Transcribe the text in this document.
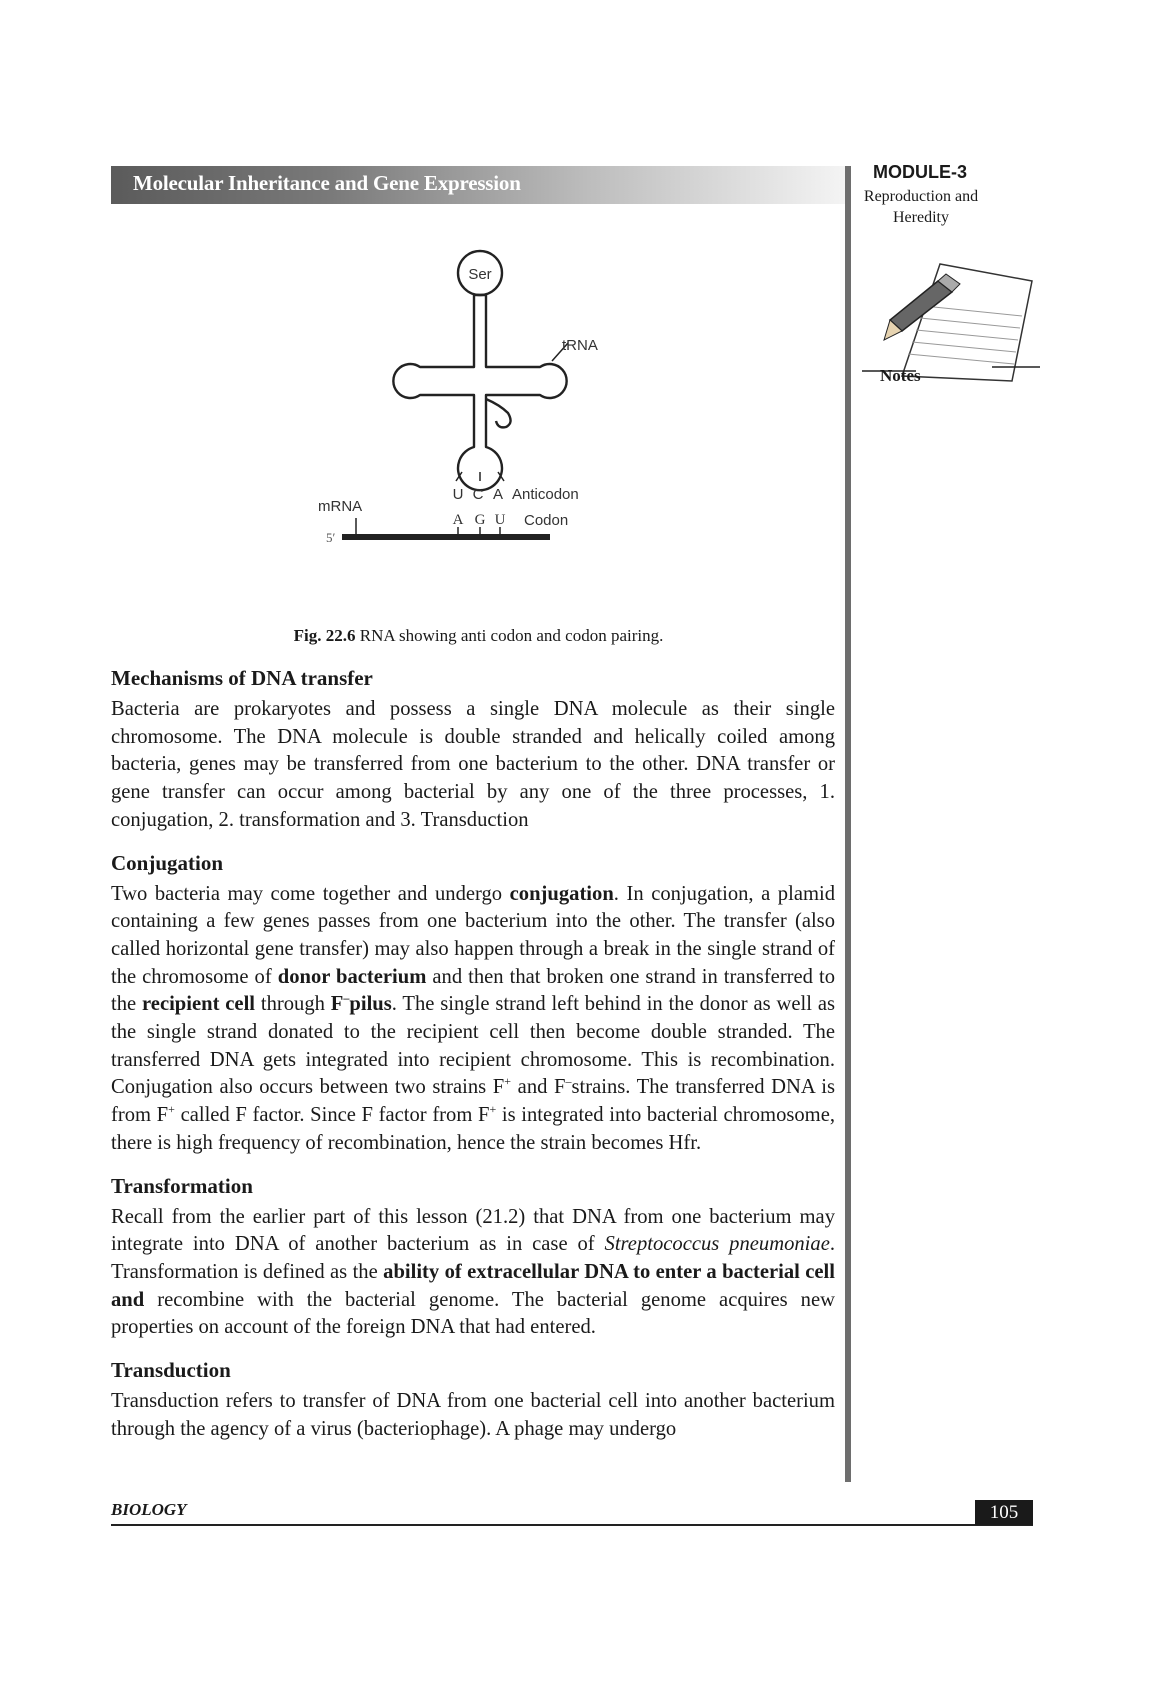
Molecular Inheritance and Gene Expression	MODULE-3
Reproduction and
Heredity
Notes
Ser
tRNA
U C A Anticodon
A G U Codon
mRNA
5′
Fig. 22.6 RNA showing anti codon and codon pairing.
Mechanisms of DNA transfer

Bacteria are prokaryotes and possess a single DNA molecule as their single chromosome. The DNA molecule is double stranded and helically coiled among bacteria, genes may be transferred from one bacterium to the other. DNA transfer or gene transfer can occur among bacterial by any one of the three processes, 1. conjugation, 2. transformation and 3. Transduction

Conjugation

Two bacteria may come together and undergo conjugation. In conjugation, a plamid containing a few genes passes from one bacterium into the other. The transfer (also called horizontal gene transfer) may also happen through a break in the single strand of the chromosome of donor bacterium and then that broken one strand in transferred to the recipient cell through F–pilus. The single strand left behind in the donor as well as the single strand donated to the recipient cell then become double stranded. The transferred DNA gets integrated into recipient chromosome. This is recombination. Conjugation also occurs between two strains F+ and F–strains. The transferred DNA is from F+ called F factor. Since F factor from F+ is integrated into bacterial chromosome, there is high frequency of recombination, hence the strain becomes Hfr.

Transformation

Recall from the earlier part of this lesson (21.2) that DNA from one bacterium may integrate into DNA of another bacterium as in case of Streptococcus pneumoniae. Transformation is defined as the ability of extracellular DNA to enter a bacterial cell and recombine with the bacterial genome. The bacterial genome acquires new properties on account of the foreign DNA that had entered.

Transduction

Transduction refers to transfer of DNA from one bacterial cell into another bacterium through the agency of a virus (bacteriophage). A phage may undergo

BIOLOGY	105
